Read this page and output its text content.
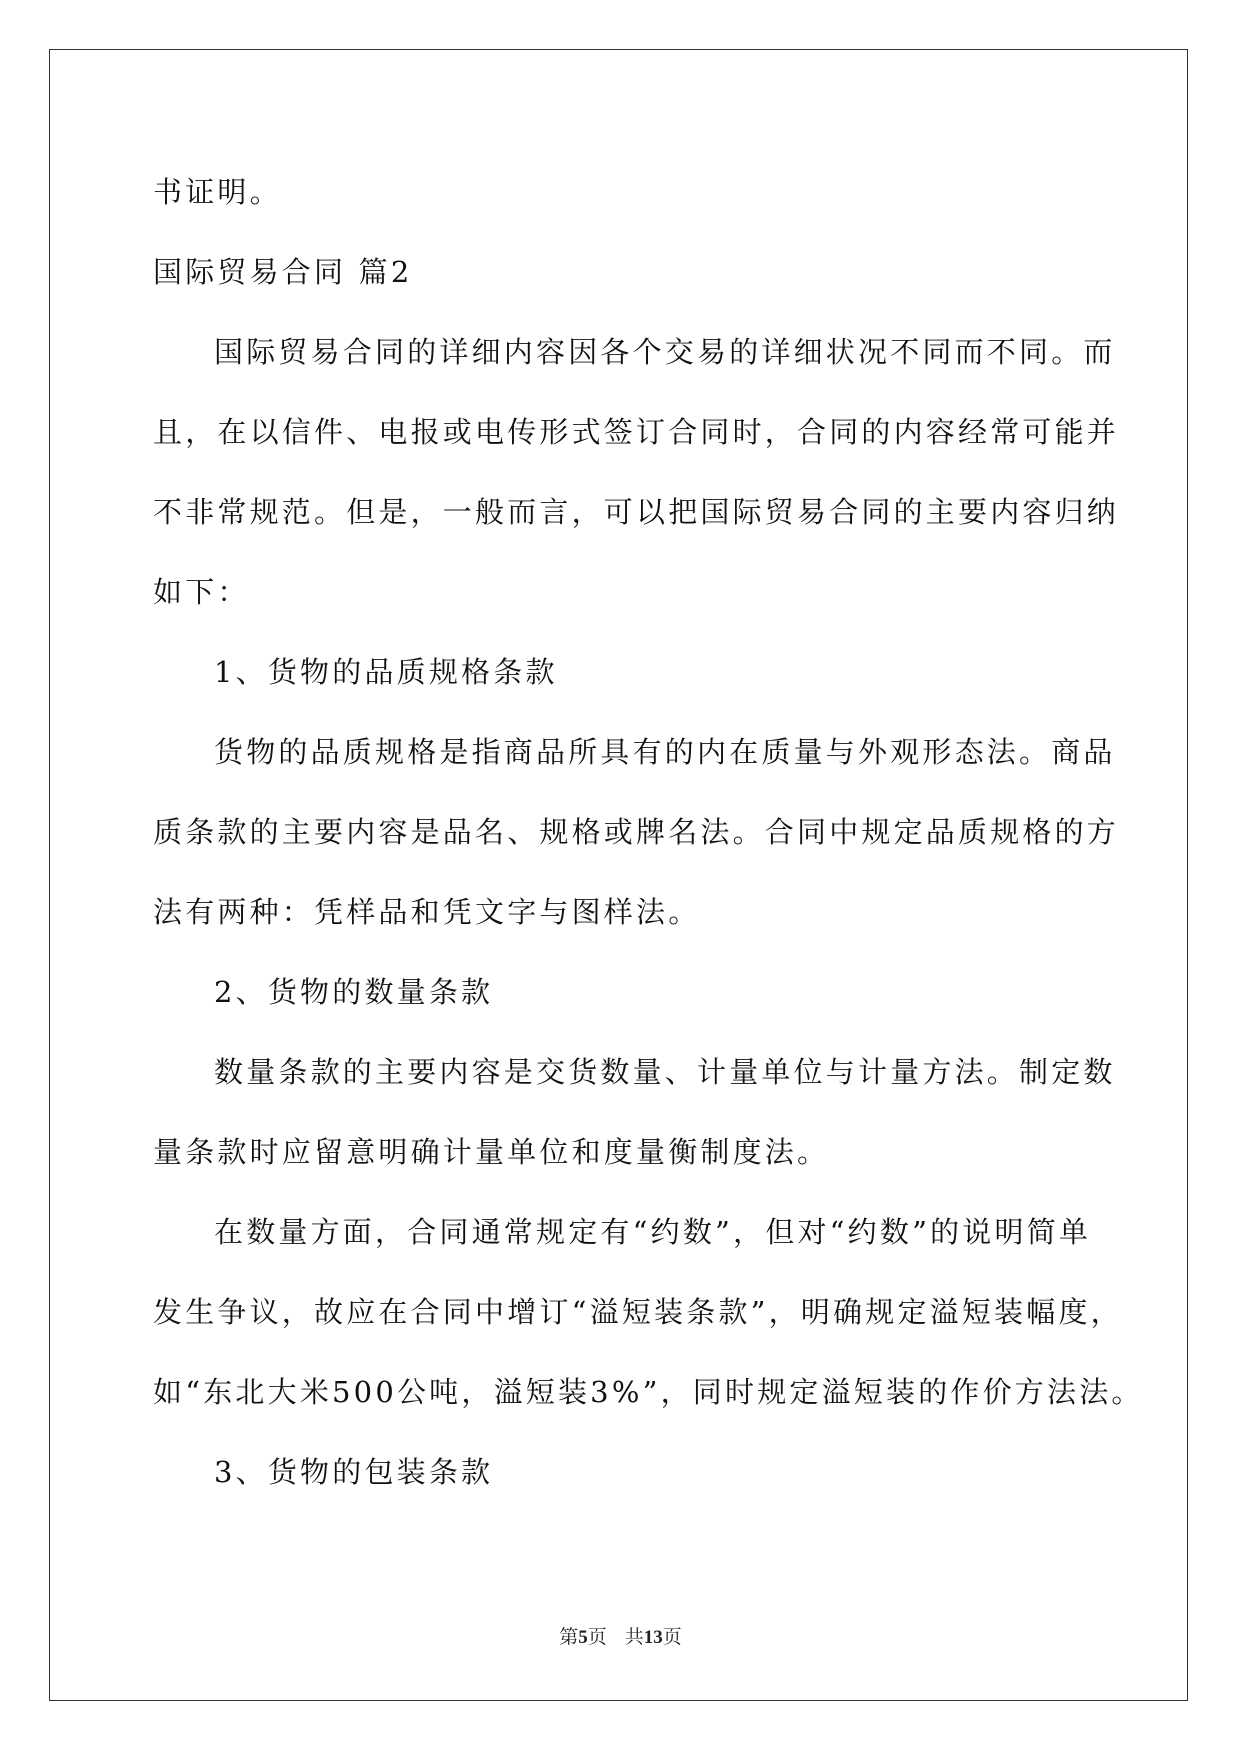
书证明。
国际贸易合同 篇2
国际贸易合同的详细内容因各个交易的详细状况不同而不同。而
且，在以信件、电报或电传形式签订合同时，合同的内容经常可能并
不非常规范。但是，一般而言，可以把国际贸易合同的主要内容归纳
如下：
1、货物的品质规格条款
货物的品质规格是指商品所具有的内在质量与外观形态法。商品
质条款的主要内容是品名、规格或牌名法。合同中规定品质规格的方
法有两种：凭样品和凭文字与图样法。
2、货物的数量条款
数量条款的主要内容是交货数量、计量单位与计量方法。制定数
量条款时应留意明确计量单位和度量衡制度法。
在数量方面，合同通常规定有“约数”，但对“约数”的说明简单
发生争议，故应在合同中增订“溢短装条款”，明确规定溢短装幅度，
如“东北大米500公吨，溢短装3%”，同时规定溢短装的作价方法法。
3、货物的包装条款
第5页 共13页
